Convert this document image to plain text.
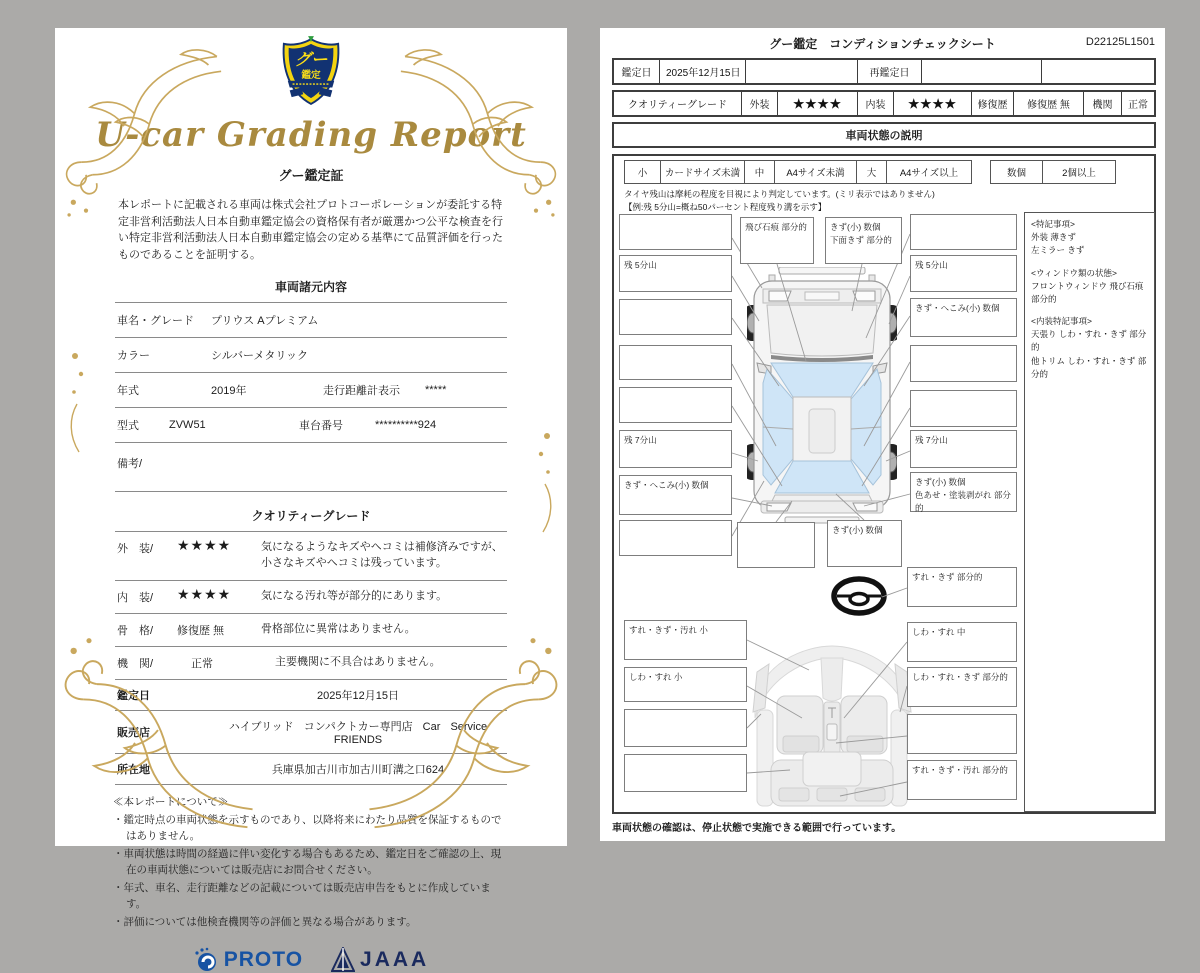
グー
鑑定
U-car Grading Report
グー鑑定証
本レポートに記載される車両は株式会社プロトコーポレーションが委託する特定非営利活動法人日本自動車鑑定協会の資格保有者が厳選かつ公平な検査を行い特定非営利活動法人日本自動車鑑定協会の定める基準にて品質評価を行ったものであることを証明する。
車両諸元内容
車名・グレード	プリウス Aプレミアム
カラー	シルバーメタリック
年式	2019年	走行距離計表示	*****
型式	ZVW51	車台番号	**********924
備考/
クオリティーグレード
外　装/	★★★★	気になるようなキズやヘコミは補修済みですが、小さなキズやヘコミは残っています。
内　装/	★★★★	気になる汚れ等が部分的にあります。
骨　格/	修復歴 無	骨格部位に異常はありません。
機　関/	正常	主要機関に不具合はありません。
鑑定日	2025年12月15日
販売店	ハイブリッド コンパクトカー専門店 Car Service FRIENDS
所在地	兵庫県加古川市加古川町溝之口624
≪本レポートについて≫
・鑑定時点の車両状態を示すものであり、以降将来にわたり品質を保証するものではありません。
・車両状態は時間の経過に伴い変化する場合もあるため、鑑定日をご確認の上、現在の車両状態については販売店にお問合せください。
・年式、車名、走行距離などの記載については販売店申告をもとに作成しています。
・評価については他検査機関等の評価と異なる場合があります。
PROTO	JAAA
グー鑑定　コンディションチェックシート	D22125L1501
鑑定日	2025年12月15日	再鑑定日
クオリティーグレード	外装	★★★★	内装	★★★★	修復歴	修復歴 無	機関	正常
車両状態の説明
小	カードサイズ未満	中	A4サイズ未満	大	A4サイズ以上	数個	2個以上
タイヤ残山は摩耗の程度を目視により判定しています。(ミリ表示ではありません)
【例:残 5分山=概ね50パーセント程度残り溝を示す】
残 5分山
残 7分山
きず・へこみ(小) 数個
飛び石痕 部分的	きず(小) 数個
下面きず 部分的
残 5分山
きず・へこみ(小) 数個
残 7分山
きず(小) 数個
色あせ・塗装剥がれ 部分的
きず(小) 数個
<特記事項>
外装 薄きず
左ミラー きず
<ウィンドウ類の状態>
フロントウィンドウ 飛び石痕 部分的
<内装特記事項>
天張り しわ・すれ・きず 部分的
他トリム しわ・すれ・きず 部分的
すれ・きず 部分的
すれ・きず・汚れ 小
しわ・すれ 小
しわ・すれ 中
しわ・すれ・きず 部分的
すれ・きず・汚れ 部分的
車両状態の確認は、停止状態で実施できる範囲で行っています。
